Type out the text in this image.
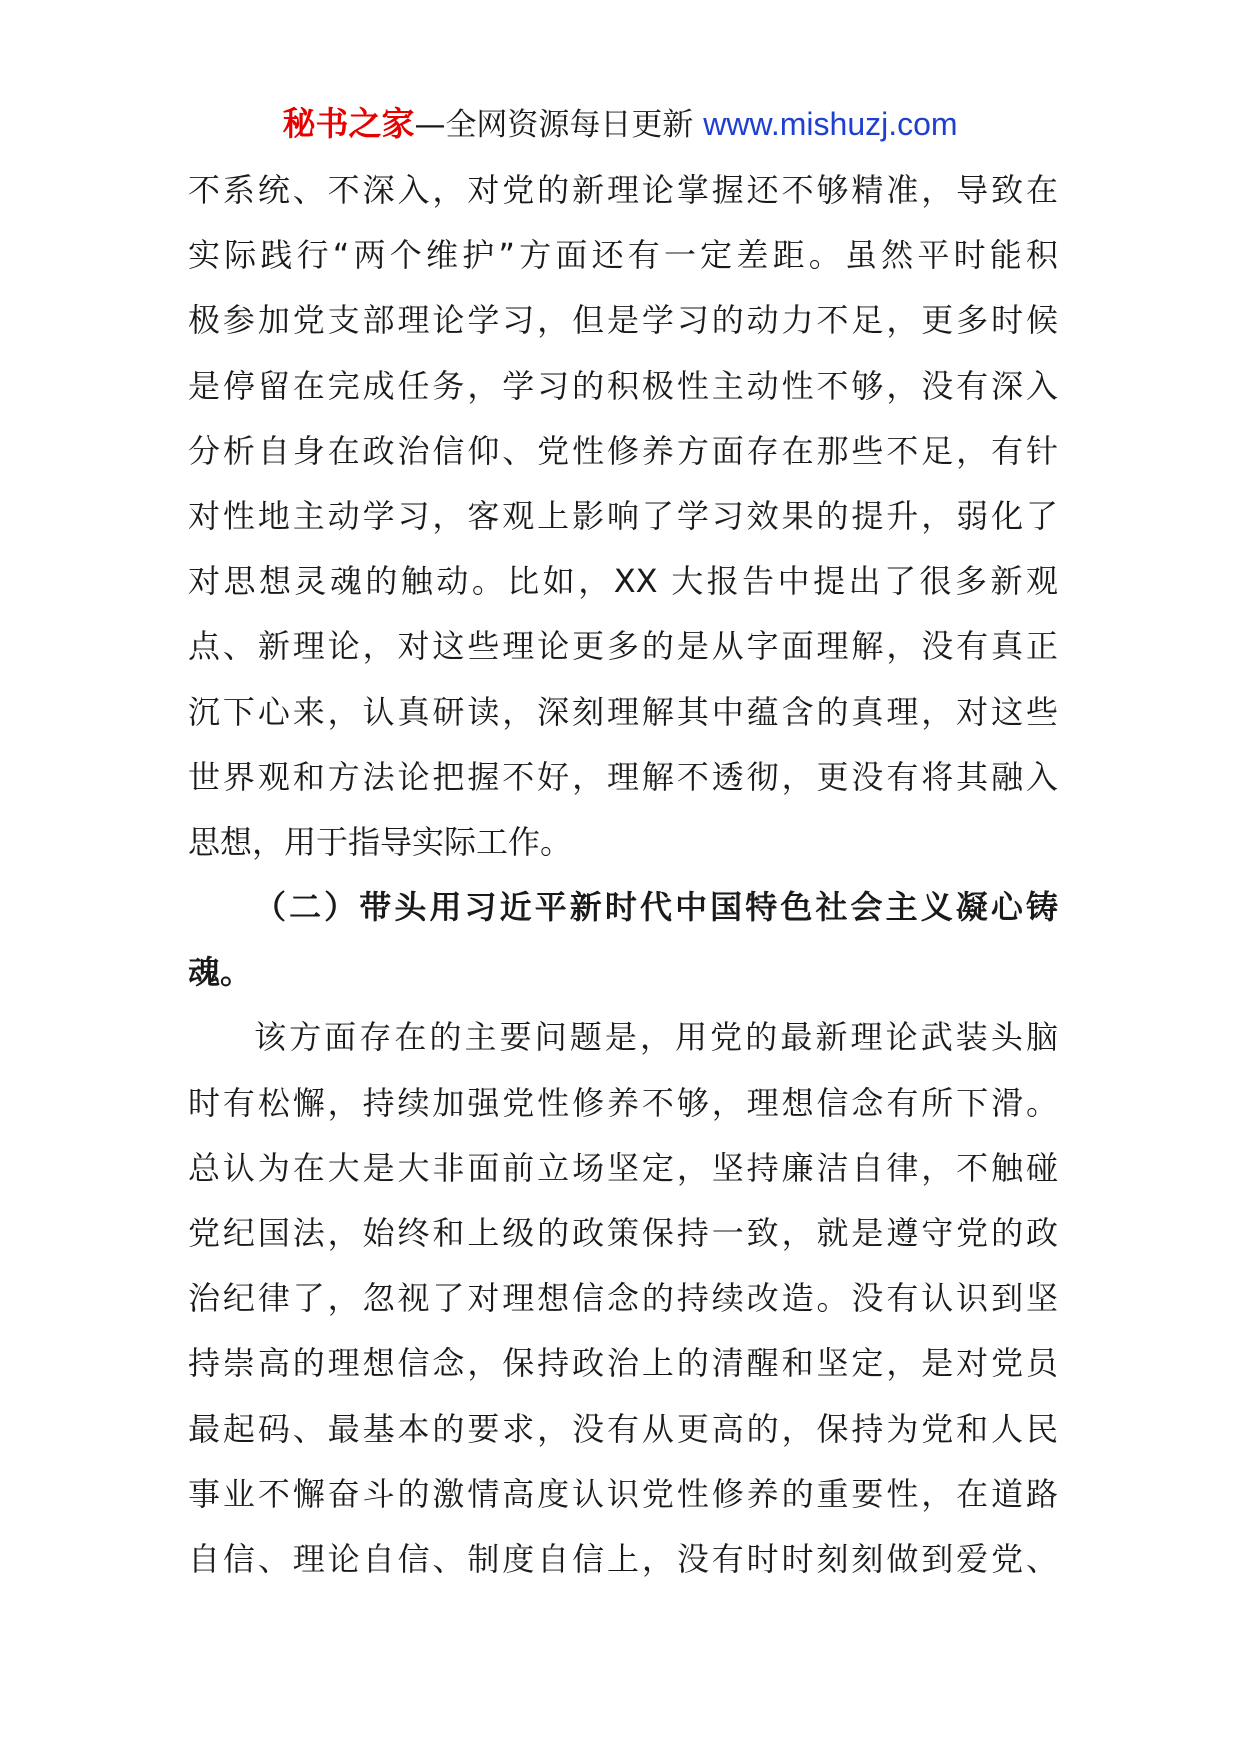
秘书之家—全网资源每日更新 www.mishuzj.com
不系统、不深入，对党的新理论掌握还不够精准，导致在
实际践行“两个维护”方面还有一定差距。虽然平时能积
极参加党支部理论学习，但是学习的动力不足，更多时候
是停留在完成任务，学习的积极性主动性不够，没有深入
分析自身在政治信仰、党性修养方面存在那些不足，有针
对性地主动学习，客观上影响了学习效果的提升，弱化了
对思想灵魂的触动。比如，XX 大报告中提出了很多新观
点、新理论，对这些理论更多的是从字面理解，没有真正
沉下心来，认真研读，深刻理解其中蕴含的真理，对这些
世界观和方法论把握不好，理解不透彻，更没有将其融入
思想，用于指导实际工作。
（二）带头用习近平新时代中国特色社会主义凝心铸
魂。
该方面存在的主要问题是，用党的最新理论武装头脑
时有松懈，持续加强党性修养不够，理想信念有所下滑。
总认为在大是大非面前立场坚定，坚持廉洁自律，不触碰
党纪国法，始终和上级的政策保持一致，就是遵守党的政
治纪律了，忽视了对理想信念的持续改造。没有认识到坚
持崇高的理想信念，保持政治上的清醒和坚定，是对党员
最起码、最基本的要求，没有从更高的，保持为党和人民
事业不懈奋斗的激情高度认识党性修养的重要性，在道路
自信、理论自信、制度自信上，没有时时刻刻做到爱党、
